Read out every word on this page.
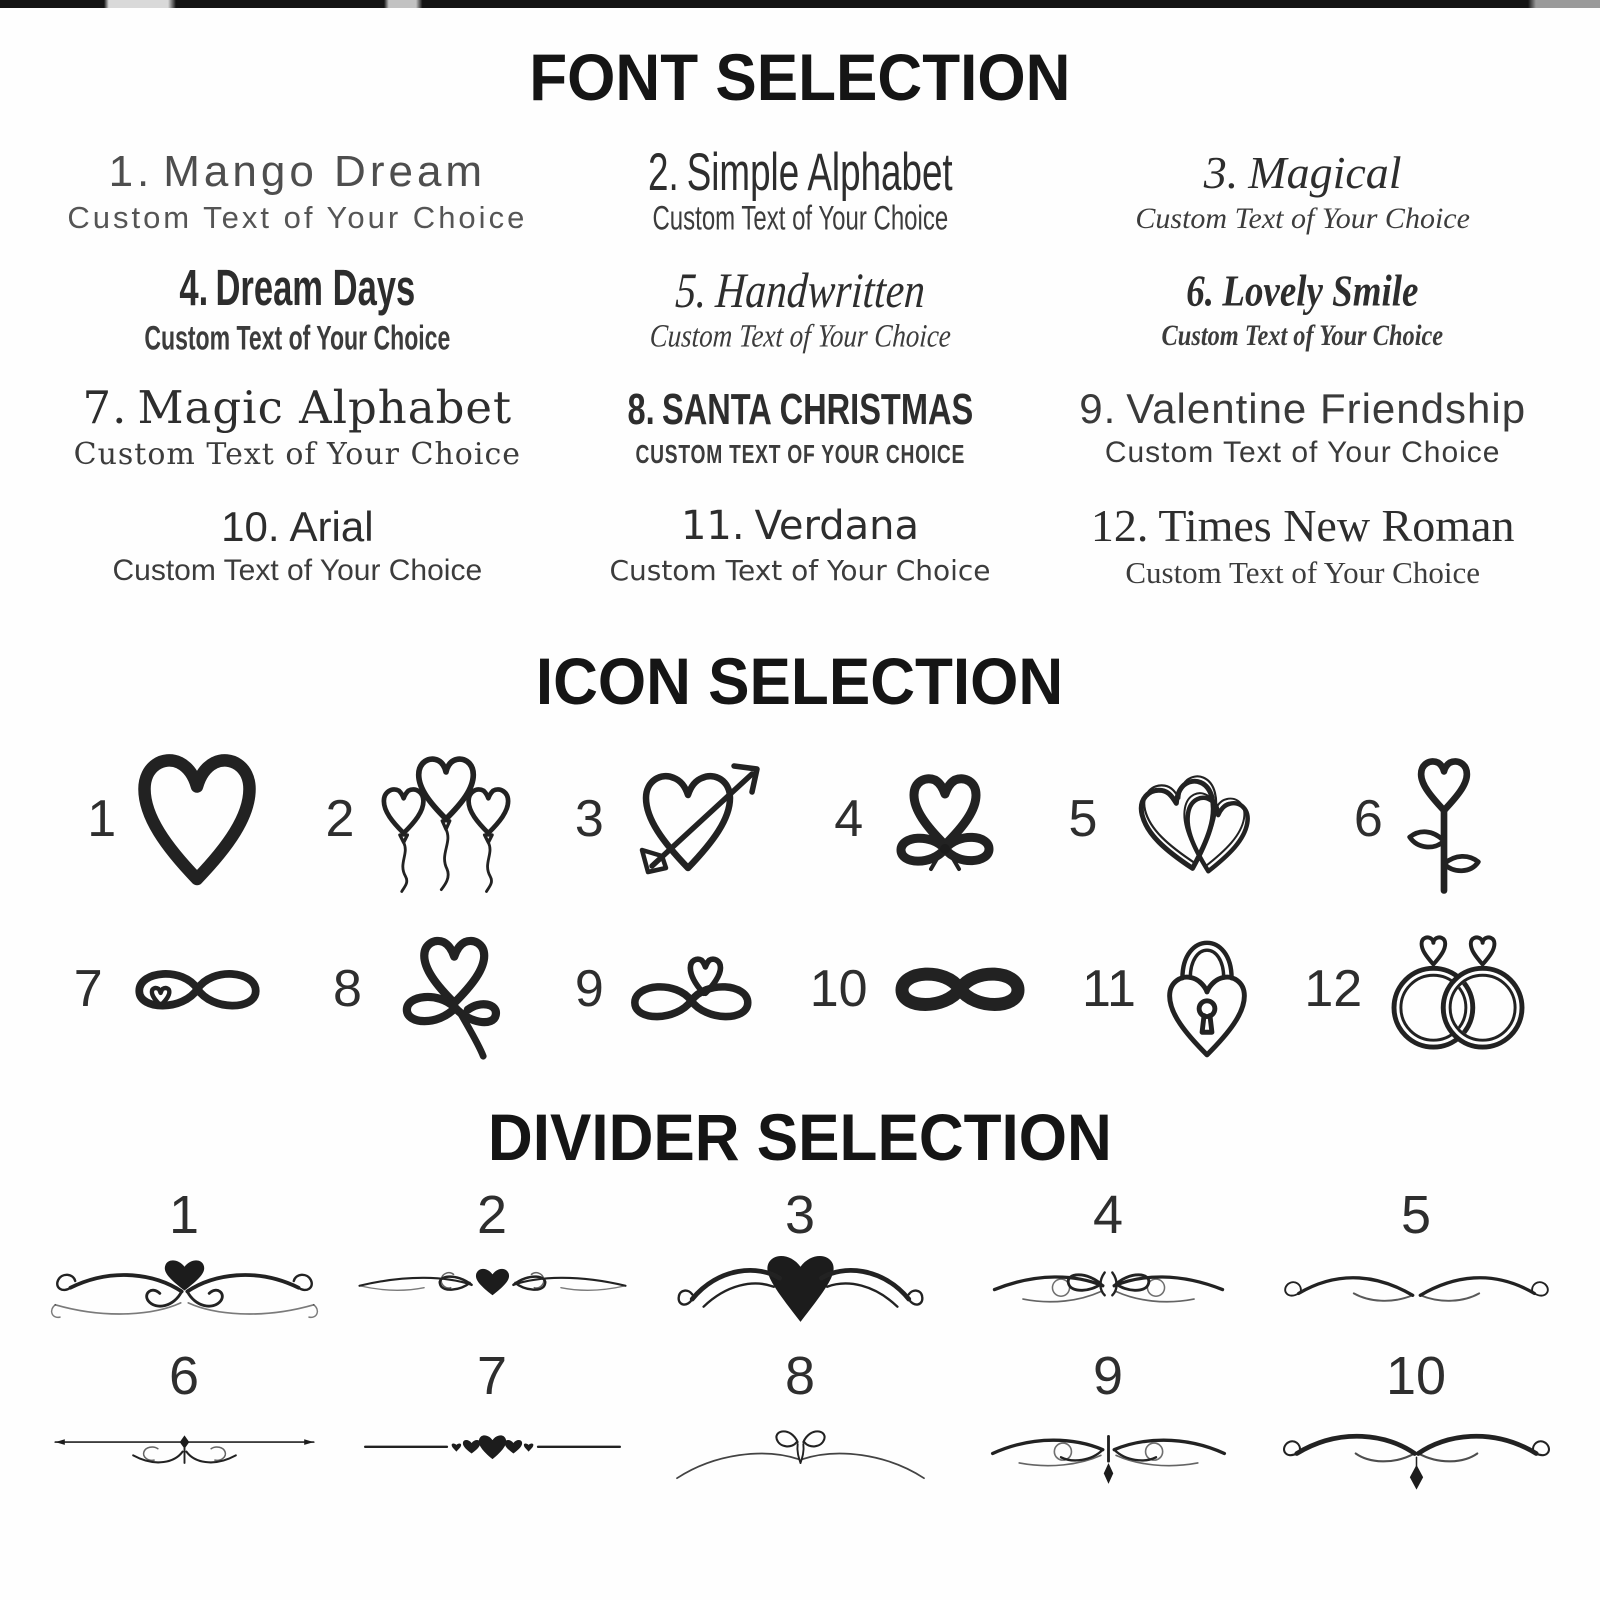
FONT SELECTION
1. Mango Dream
Custom Text of Your Choice
2. Simple Alphabet
Custom Text of Your Choice
3. Magical
Custom Text of Your Choice
4. Dream Days
Custom Text of Your Choice
5. Handwritten
Custom Text of Your Choice
6. Lovely Smile
Custom Text of Your Choice
7. Magic Alphabet
Custom Text of Your Choice
8. SANTA CHRISTMAS
CUSTOM TEXT OF YOUR CHOICE
9. Valentine Friendship
Custom Text of Your Choice
10. Arial
Custom Text of Your Choice
11. Verdana
Custom Text of Your Choice
12. Times New Roman
Custom Text of Your Choice
ICON SELECTION
1	2	3	4	5	6
7	8	9	10	11	12
DIVIDER SELECTION
1	2	3	4	5
6	7	8	9	10
